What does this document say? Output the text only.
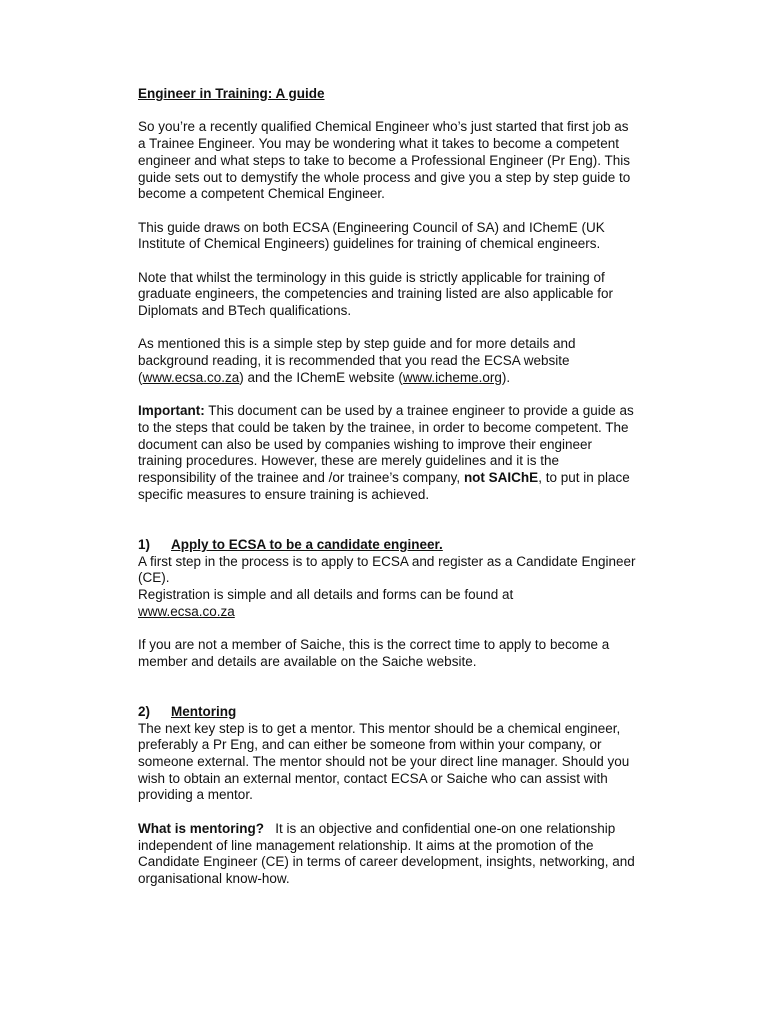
Engineer in Training: A guide

So you’re a recently qualified Chemical Engineer who’s just started that first job as a Trainee Engineer. You may be wondering what it takes to become a competent engineer and what steps to take to become a Professional Engineer (Pr Eng). This guide sets out to demystify the whole process and give you a step by step guide to become a competent Chemical Engineer.

This guide draws on both ECSA (Engineering Council of SA) and IChemE (UK Institute of Chemical Engineers) guidelines for training of chemical engineers.

Note that whilst the terminology in this guide is strictly applicable for training of graduate engineers, the competencies and training listed are also applicable for Diplomats and BTech qualifications.

As mentioned this is a simple step by step guide and for more details and background reading, it is recommended that you read the ECSA website (www.ecsa.co.za) and the IChemE website (www.icheme.org).

Important: This document can be used by a trainee engineer to provide a guide as to the steps that could be taken by the trainee, in order to become competent. The document can also be used by companies wishing to improve their engineer training procedures. However, these are merely guidelines and it is the responsibility of the trainee and /or trainee’s company, not SAIChE, to put in place specific measures to ensure training is achieved.

1) Apply to ECSA to be a candidate engineer.

A first step in the process is to apply to ECSA and register as a Candidate Engineer (CE).

Registration is simple and all details and forms can be found at

www.ecsa.co.za

If you are not a member of Saiche, this is the correct time to apply to become a member and details are available on the Saiche website.

2) Mentoring

The next key step is to get a mentor. This mentor should be a chemical engineer, preferably a Pr Eng, and can either be someone from within your company, or someone external. The mentor should not be your direct line manager. Should you wish to obtain an external mentor, contact ECSA or Saiche who can assist with providing a mentor.

What is mentoring?   It is an objective and confidential one-on one relationship independent of line management relationship. It aims at the promotion of the Candidate Engineer (CE) in terms of career development, insights, networking, and organisational know-how.
